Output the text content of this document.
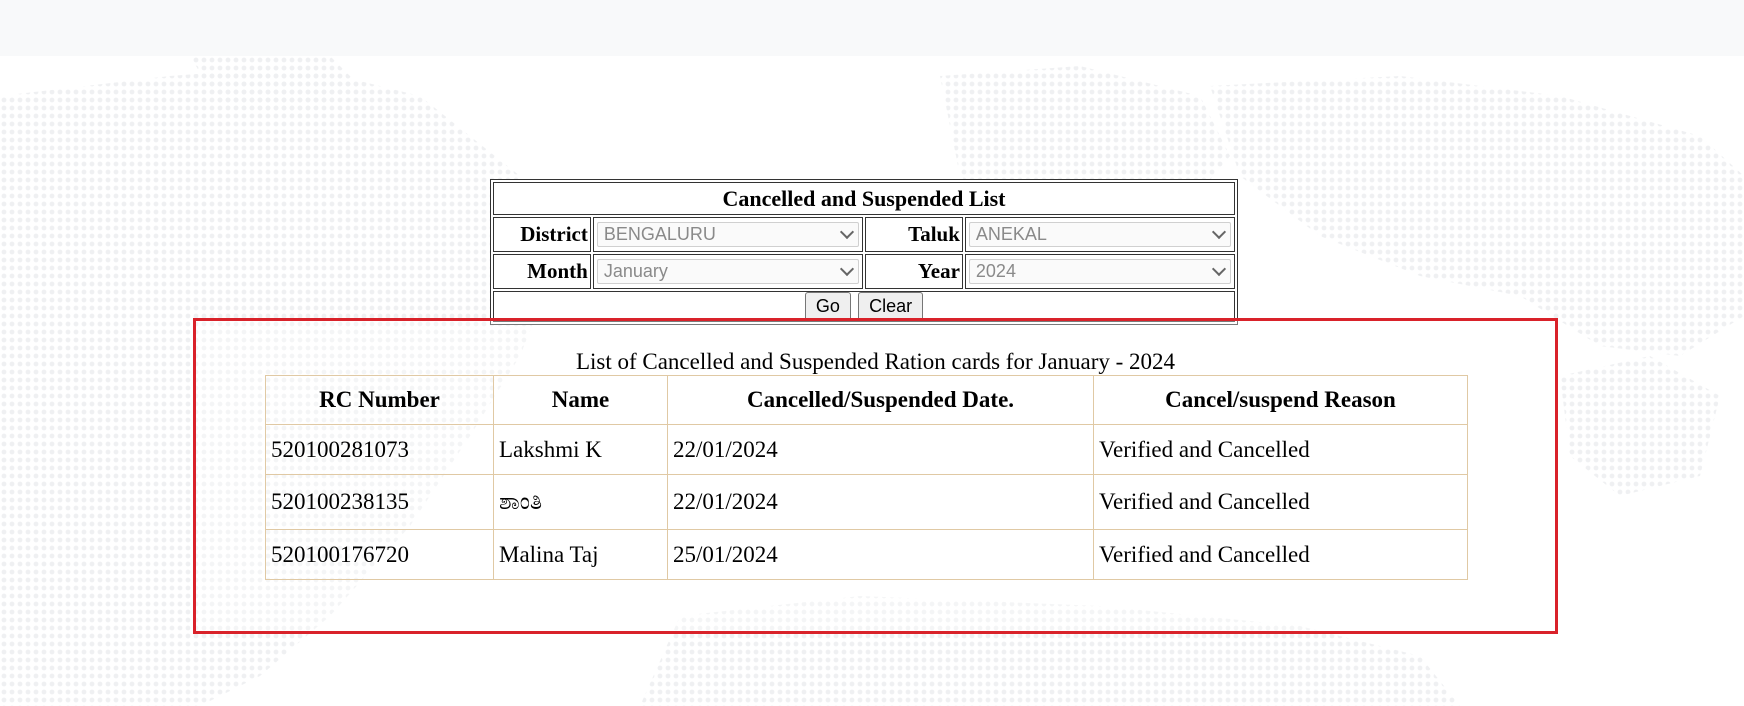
Cancelled and Suspended List			
District	BENGALURU	Taluk	ANEKAL

Month	January	Year	2024

Go Clear			
List of Cancelled and Suspended Ration cards for January - 2024
RC Number	Name	Cancelled/Suspended Date.	Cancel/suspend Reason
520100281073	Lakshmi K	22/01/2024	Verified and Cancelled
520100238135	ಶಾಂತಿ	22/01/2024	Verified and Cancelled
520100176720	Malina Taj	25/01/2024	Verified and Cancelled
